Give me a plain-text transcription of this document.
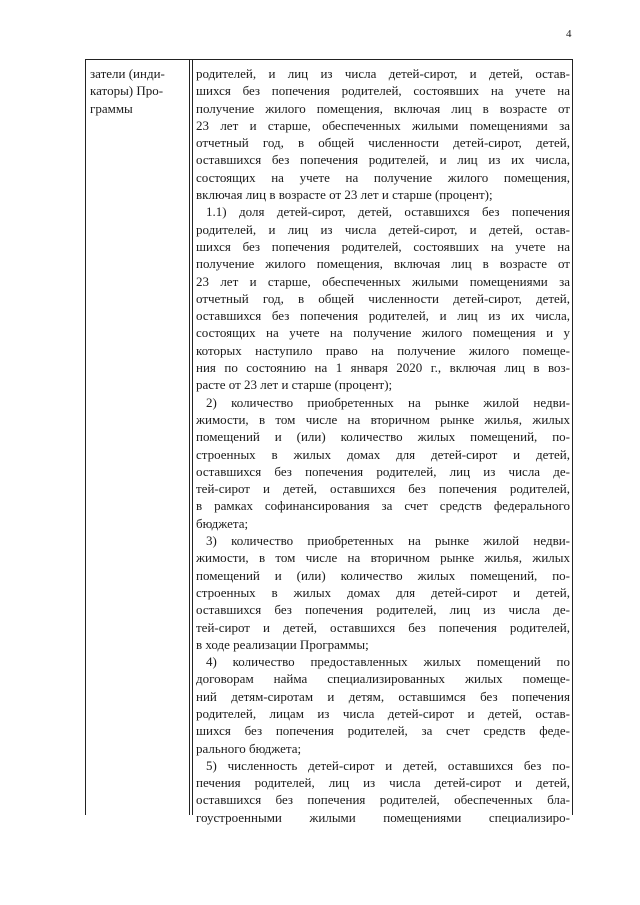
4
затели (инди-
каторы) Про-
граммы
родителей, и лиц из числа детей-сирот, и детей, остав-
шихся без попечения родителей, состоявших на учете на
получение жилого помещения, включая лиц в возрасте от
23 лет и старше, обеспеченных жилыми помещениями за
отчетный год, в общей численности детей-сирот, детей,
оставшихся без попечения родителей, и лиц из их числа,
состоящих на учете на получение жилого помещения,
включая лиц в возрасте от 23 лет и старше (процент);
1.1) доля детей-сирот, детей, оставшихся без попечения
родителей, и лиц из числа детей-сирот, и детей, остав-
шихся без попечения родителей, состоявших на учете на
получение жилого помещения, включая лиц в возрасте от
23 лет и старше, обеспеченных жилыми помещениями за
отчетный год, в общей численности детей-сирот, детей,
оставшихся без попечения родителей, и лиц из их числа,
состоящих на учете на получение жилого помещения и у
которых наступило право на получение жилого помеще-
ния по состоянию на 1 января 2020 г., включая лиц в воз-
расте от 23 лет и старше (процент);
2) количество приобретенных на рынке жилой недви-
жимости, в том числе на вторичном рынке жилья, жилых
помещений и (или) количество жилых помещений, по-
строенных в жилых домах для детей-сирот и детей,
оставшихся без попечения родителей, лиц из числа де-
тей-сирот и детей, оставшихся без попечения родителей,
в рамках софинансирования за счет средств федерального
бюджета;
3) количество приобретенных на рынке жилой недви-
жимости, в том числе на вторичном рынке жилья, жилых
помещений и (или) количество жилых помещений, по-
строенных в жилых домах для детей-сирот и детей,
оставшихся без попечения родителей, лиц из числа де-
тей-сирот и детей, оставшихся без попечения родителей,
в ходе реализации Программы;
4) количество предоставленных жилых помещений по
договорам найма специализированных жилых помеще-
ний детям-сиротам и детям, оставшимся без попечения
родителей, лицам из числа детей-сирот и детей, остав-
шихся без попечения родителей, за счет средств феде-
рального бюджета;
5) численность детей-сирот и детей, оставшихся без по-
печения родителей, лиц из числа детей-сирот и детей,
оставшихся без попечения родителей, обеспеченных бла-
гоустроенными жилыми помещениями специализиро-
